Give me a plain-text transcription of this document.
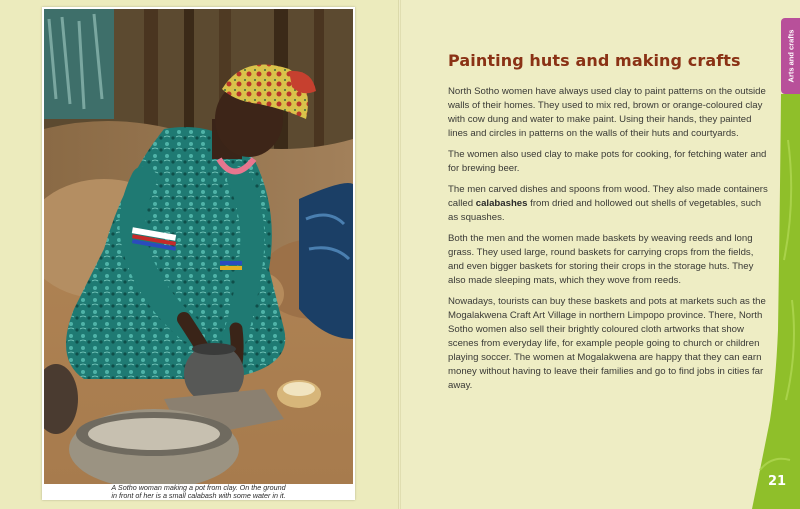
A Sotho woman making a pot from clay. On the ground
in front of her is a small calabash with some water in it.
Arts and crafts
Painting huts and making crafts

North Sotho women have always used clay to paint patterns on the outside walls of their homes. They used to mix red, brown or orange-coloured clay with cow dung and water to make paint. Using their hands, they painted lines and circles in patterns on the walls of their huts and courtyards.

The women also used clay to make pots for cooking, for fetching water and for brewing beer.

The men carved dishes and spoons from wood. They also made containers called calabashes from dried and hollowed out shells of vegetables, such as squashes.

Both the men and the women made baskets by weaving reeds and long grass. They used large, round baskets for carrying crops from the fields, and even bigger baskets for storing their crops in the storage huts. They also made sleeping mats, which they wove from reeds.

Nowadays, tourists can buy these baskets and pots at markets such as the Mogalakwena Craft Art Village in northern Limpopo province. There, North Sotho women also sell their brightly coloured cloth artworks that show scenes from everyday life, for example people going to church or children playing soccer. The women at Mogalakwena are happy that they can earn money without having to leave their families and go to find jobs in cities far away.

21
